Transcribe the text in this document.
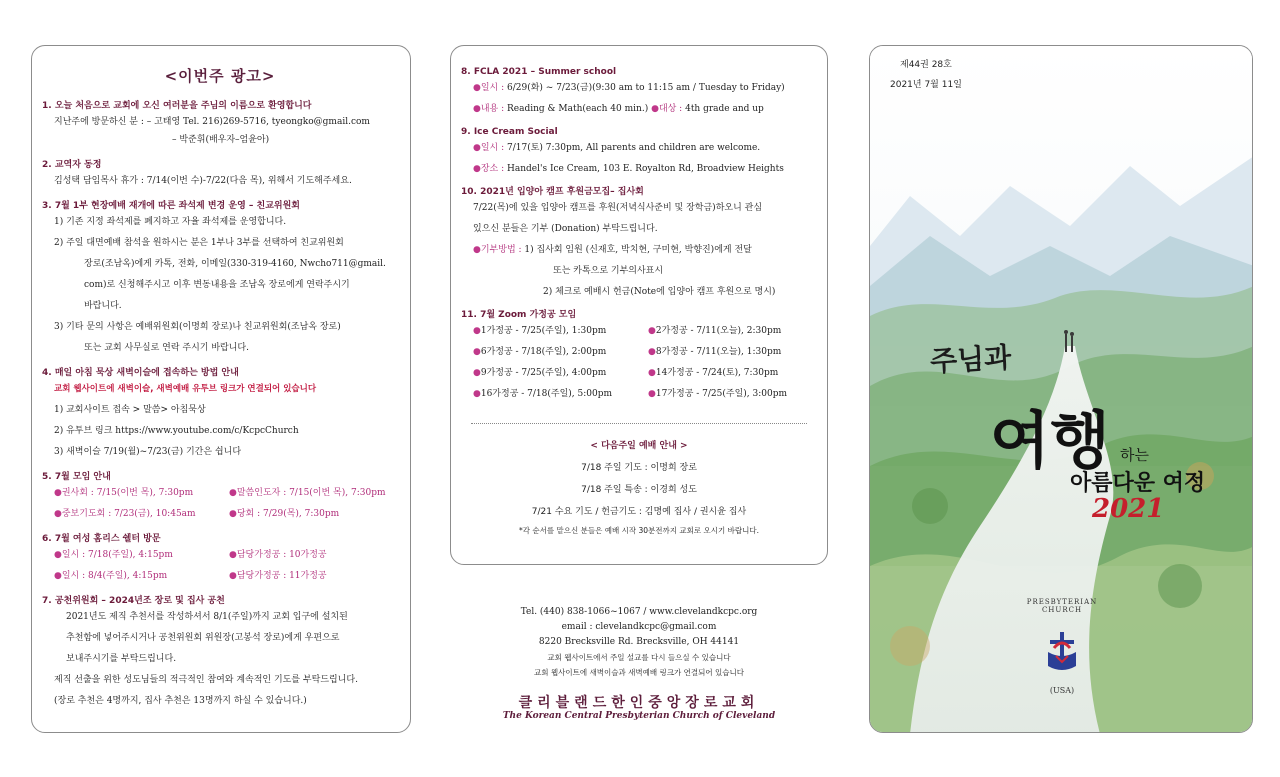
<이번주 광고>
1. 오늘 처음으로 교회에 오신 여러분을 주님의 이름으로 환영합니다
지난주에 방문하신 분 : – 고태영 Tel. 216)269-5716, tyeongko@gmail.com
– 박준휘(배우자–엄윤아)
2. 교역자 동정
김성택 담임목사 휴가 : 7/14(이번 수)-7/22(다음 목), 위해서 기도해주세요.
3. 7월 1부 현장예배 재개에 따른 좌석제 변경 운영 – 친교위원회
1) 기존 지정 좌석제를 폐지하고 자율 좌석제를 운영합니다.
2) 주일 대면예배 참석을 원하시는 분은 1부나 3부를 선택하여 친교위원회
장로(조남옥)에게 카톡, 전화, 이메일(330-319-4160, Nwcho711@gmail.
com)로 신청해주시고 이후 변동내용을 조남옥 장로에게 연락주시기
바랍니다.
3) 기타 문의 사항은 예배위원회(이명희 장로)나 친교위원회(조남옥 장로)
또는 교회 사무실로 연락 주시기 바랍니다.
4. 매일 아침 묵상 새벽이슬에 접속하는 방법 안내
교회 웹사이트에 새벽이슬, 새벽예배 유투브 링크가 연결되어 있습니다
1) 교회사이트 접속 > 말씀> 아침묵상
2) 유투브 링크 https://www.youtube.com/c/KcpcChurch
3) 새벽이슬 7/19(월)~7/23(금) 기간은 쉽니다
5. 7월 모임 안내
●권사회 : 7/15(이번 목), 7:30pm	●말씀인도자 : 7/15(이번 목), 7:30pm
●중보기도회 : 7/23(금), 10:45am	●당회 : 7/29(목), 7:30pm
6. 7월 여성 홈리스 쉘터 방문
●일시 : 7/18(주일), 4:15pm	●담당가정공 : 10가정공
●일시 : 8/4(주일), 4:15pm	●담당가정공 : 11가정공
7. 공천위원회 – 2024년조 장로 및 집사 공천
2021년도 제직 추천서를 작성하셔서 8/1(주일)까지 교회 입구에 설치된
추천함에 넣어주시거나 공천위원회 위원장(고봉석 장로)에게 우편으로
보내주시기를 부탁드립니다.
제직 선출을 위한 성도님들의 적극적인 참여와 계속적인 기도를 부탁드립니다.
(장로 추천은 4명까지, 집사 추천은 13명까지 하실 수 있습니다.)
8. FCLA 2021 – Summer school
●일시 : 6/29(화) ~ 7/23(금)(9:30 am to 11:15 am / Tuesday to Friday)
●내용 : Reading & Math(each 40 min.) ●대상 : 4th grade and up
9. Ice Cream Social
●일시 : 7/17(토) 7:30pm, All parents and children are welcome.
●장소 : Handel's Ice Cream, 103 E. Royalton Rd, Broadview Heights
10. 2021년 입양아 캠프 후원금모집– 집사회
7/22(목)에 있을 입양아 캠프를 후원(저녁식사준비 및 장학금)하오니 관심
있으신 분들은 기부 (Donation) 부탁드립니다.
●기부방법 : 1) 집사회 임원 (신재호, 박치현, 구미현, 박향진)에게 전달
또는 카톡으로 기부의사표시
2) 체크로 예배시 헌금(Note에 입양아 캠프 후원으로 명시)
11. 7월 Zoom 가정공 모임
●1가정공 - 7/25(주일), 1:30pm	●2가정공 - 7/11(오늘), 2:30pm
●6가정공 - 7/18(주일), 2:00pm	●8가정공 - 7/11(오늘), 1:30pm
●9가정공 - 7/25(주일), 4:00pm	●14가정공 - 7/24(토), 7:30pm
●16가정공 - 7/18(주일), 5:00pm	●17가정공 - 7/25(주일), 3:00pm
< 다음주일 예배 안내 >
7/18 주일 기도 : 이명희 장로
7/18 주일 특송 : 이경희 성도
7/21 수요 기도 / 헌금기도 : 김명예 집사 / 권시윤 집사
*각 순서를 맡으신 분들은 예배 시작 30분전까지 교회로 오시기 바랍니다.
Tel. (440) 838-1066~1067 / www.clevelandkcpc.org
email : clevelandkcpc@gmail.com
8220 Brecksville Rd. Brecksville, OH 44141
교회 웹사이트에서 주일 설교를 다시 들으실 수 있습니다
교회 웹사이트에 새벽이슬과 새벽예배 링크가 연결되어 있습니다
클리블랜드한인중앙장로교회
The Korean Central Presbyterian Church of Cleveland
제44권 28호
2021년 7월 11일
주님과
여행 하는
아름다운 여정
2021
PRESBYTERIAN CHURCH
(USA)
